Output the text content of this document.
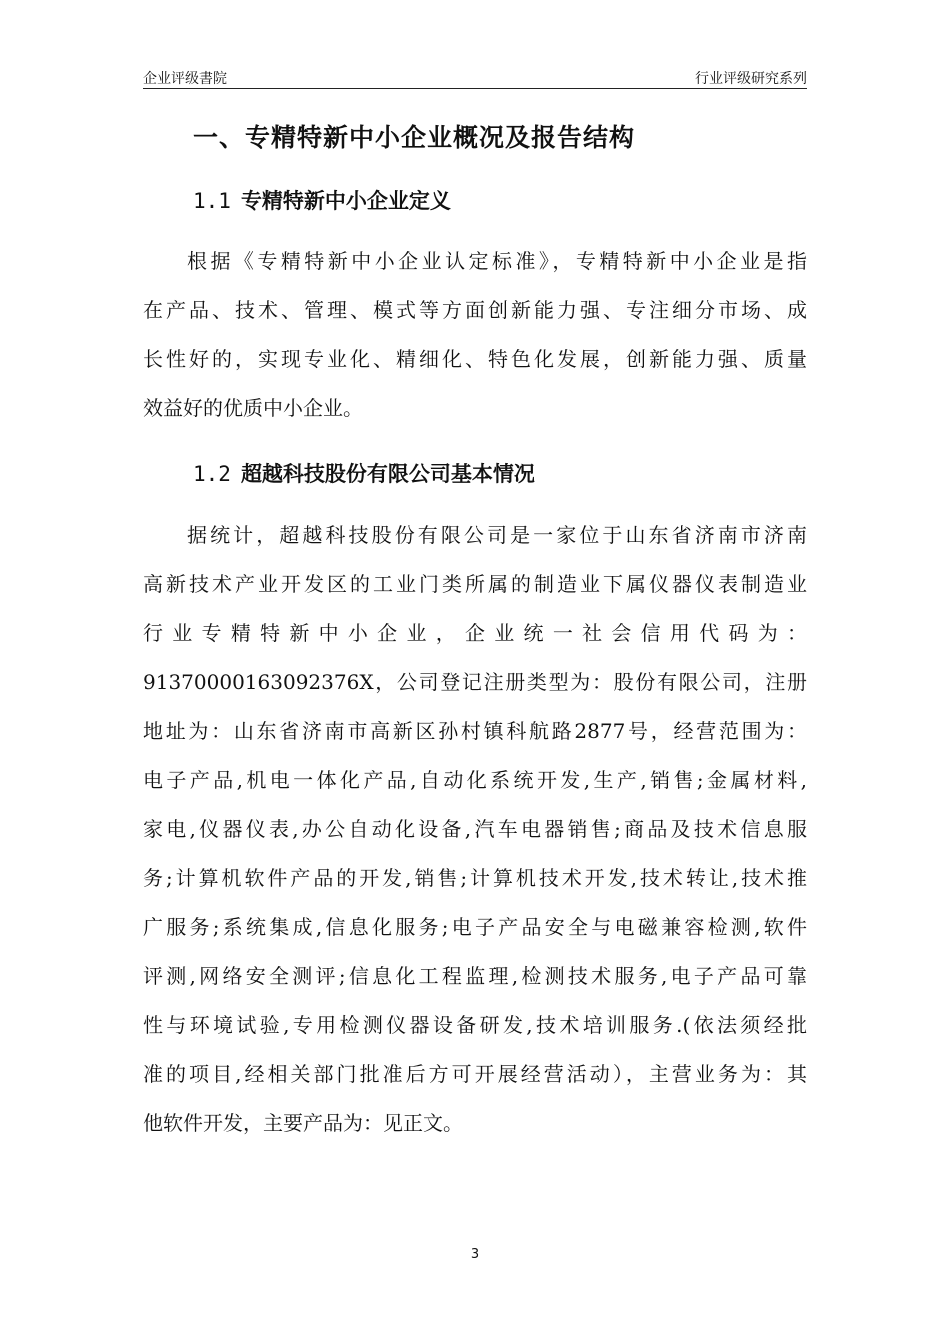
企业评级書院	行业评级研究系列
一、专精特新中小企业概况及报告结构
1.1 专精特新中小企业定义
根据《专精特新中小企业认定标准》，专精特新中小企业是指
在产品、技术、管理、模式等方面创新能力强、专注细分市场、成
长性好的，实现专业化、精细化、特色化发展，创新能力强、质量
效益好的优质中小企业。
1.2 超越科技股份有限公司基本情况
据统计，超越科技股份有限公司是一家位于山东省济南市济南
高新技术产业开发区的工业门类所属的制造业下属仪器仪表制造业
行业专精特新中小企业，企业统一社会信用代码为：
91370000163092376X，公司登记注册类型为：股份有限公司，注册
地址为：山东省济南市高新区孙村镇科航路2877号，经营范围为：
电子产品,机电一体化产品,自动化系统开发,生产,销售;金属材料,
家电,仪器仪表,办公自动化设备,汽车电器销售;商品及技术信息服
务;计算机软件产品的开发,销售;计算机技术开发,技术转让,技术推
广服务;系统集成,信息化服务;电子产品安全与电磁兼容检测,软件
评测,网络安全测评;信息化工程监理,检测技术服务,电子产品可靠
性与环境试验,专用检测仪器设备研发,技术培训服务.(依法须经批
准的项目,经相关部门批准后方可开展经营活动），主营业务为：其
他软件开发，主要产品为：见正文。
3
